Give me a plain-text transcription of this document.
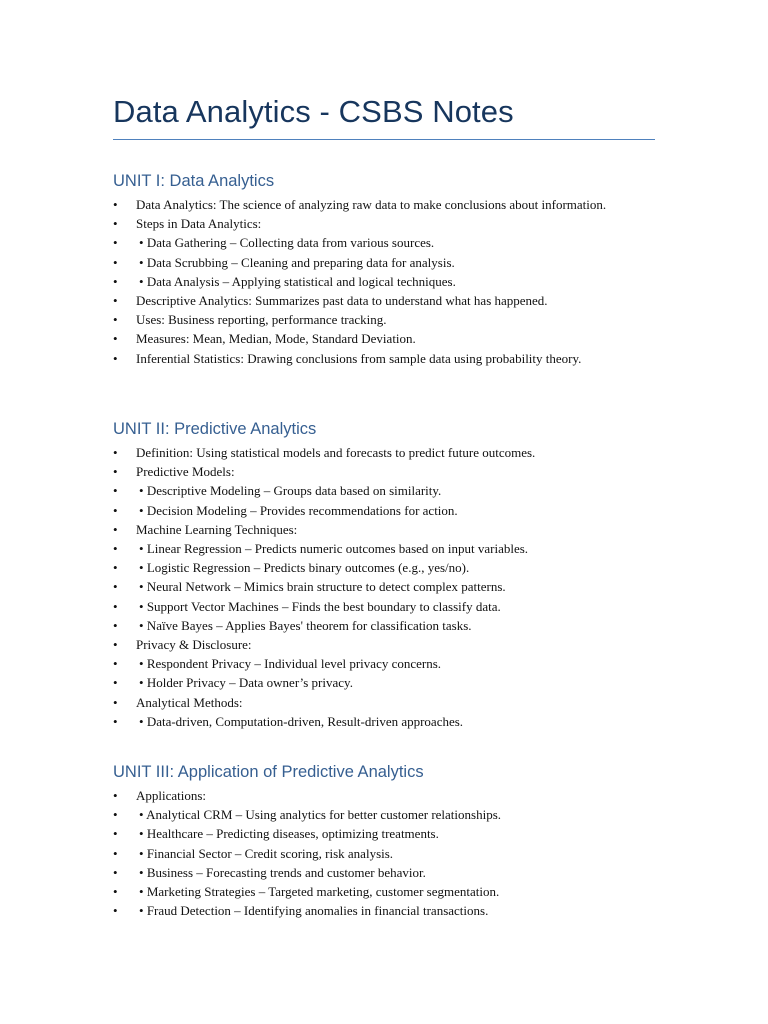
Data Analytics - CSBS Notes
UNIT I: Data Analytics
•	Data Analytics: The science of analyzing raw data to make conclusions about information.
•	Steps in Data Analytics:
•	• Data Gathering – Collecting data from various sources.
•	• Data Scrubbing – Cleaning and preparing data for analysis.
•	• Data Analysis – Applying statistical and logical techniques.
•	Descriptive Analytics: Summarizes past data to understand what has happened.
•	Uses: Business reporting, performance tracking.
•	Measures: Mean, Median, Mode, Standard Deviation.
•	Inferential Statistics: Drawing conclusions from sample data using probability theory.
UNIT II: Predictive Analytics
•	Definition: Using statistical models and forecasts to predict future outcomes.
•	Predictive Models:
•	• Descriptive Modeling – Groups data based on similarity.
•	• Decision Modeling – Provides recommendations for action.
•	Machine Learning Techniques:
•	• Linear Regression – Predicts numeric outcomes based on input variables.
•	• Logistic Regression – Predicts binary outcomes (e.g., yes/no).
•	• Neural Network – Mimics brain structure to detect complex patterns.
•	• Support Vector Machines – Finds the best boundary to classify data.
•	• Naïve Bayes – Applies Bayes' theorem for classification tasks.
•	Privacy & Disclosure:
•	• Respondent Privacy – Individual level privacy concerns.
•	• Holder Privacy – Data owner’s privacy.
•	Analytical Methods:
•	• Data-driven, Computation-driven, Result-driven approaches.
UNIT III: Application of Predictive Analytics
•	Applications:
•	• Analytical CRM – Using analytics for better customer relationships.
•	• Healthcare – Predicting diseases, optimizing treatments.
•	• Financial Sector – Credit scoring, risk analysis.
•	• Business – Forecasting trends and customer behavior.
•	• Marketing Strategies – Targeted marketing, customer segmentation.
•	• Fraud Detection – Identifying anomalies in financial transactions.
